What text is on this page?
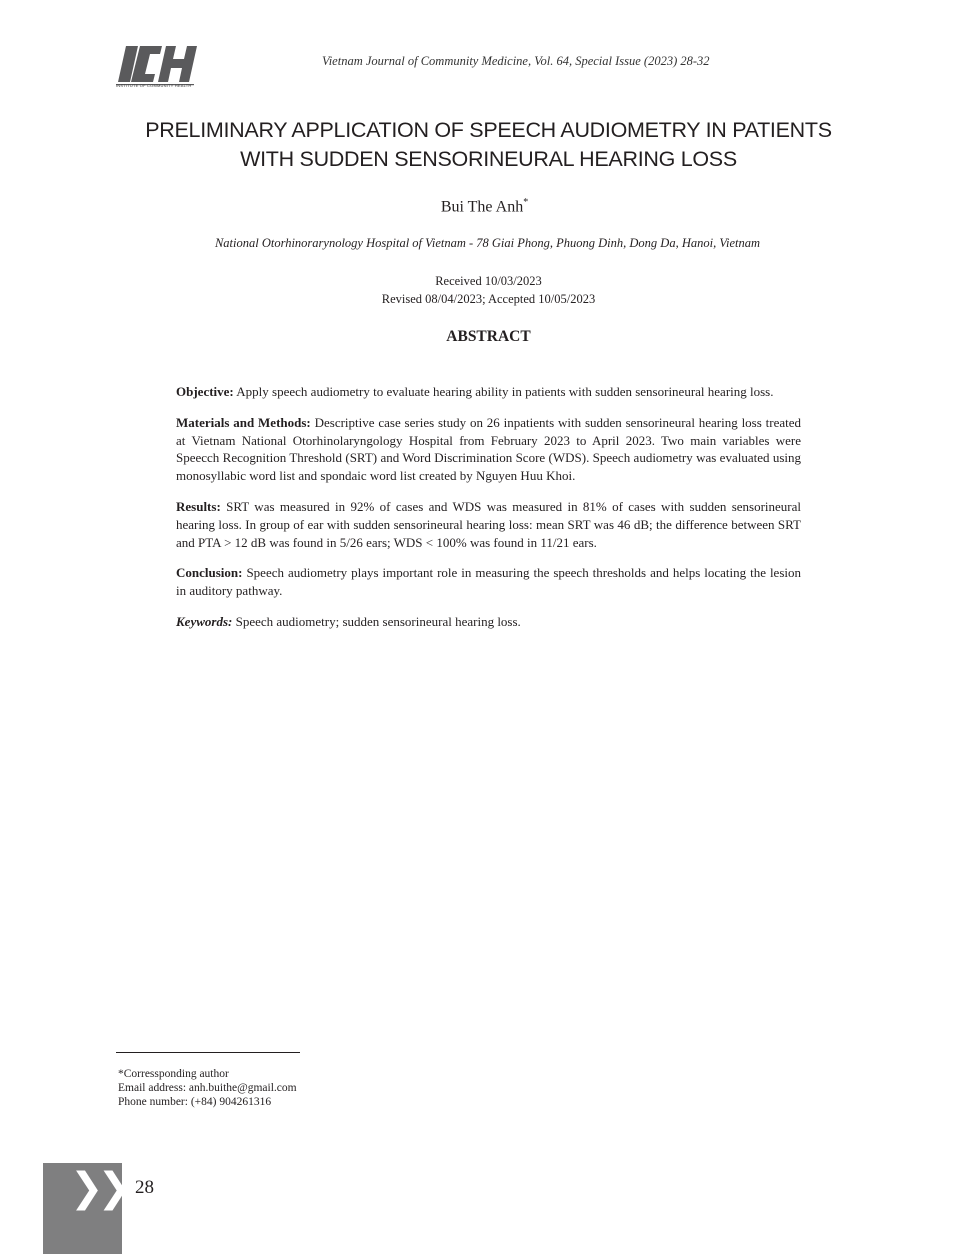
INSTITUTE OF COMMUNITY HEALTH
Vietnam Journal of Community Medicine, Vol. 64, Special Issue (2023) 28-32
PRELIMINARY APPLICATION OF SPEECH AUDIOMETRY IN PATIENTS
WITH SUDDEN SENSORINEURAL HEARING LOSS
Bui The Anh*
National Otorhinorarynology Hospital of Vietnam - 78 Giai Phong, Phuong Dinh, Dong Da, Hanoi, Vietnam
Received 10/03/2023
Revised 08/04/2023; Accepted 10/05/2023
ABSTRACT

Objective: Apply speech audiometry to evaluate hearing ability in patients with sudden sensorineural hearing loss.

Materials and Methods: Descriptive case series study on 26 inpatients with sudden sensorineural hearing loss treated at Vietnam National Otorhinolaryngology Hospital from February 2023 to April 2023. Two main variables were Speecch Recognition Threshold (SRT) and Word Discrimination Score (WDS). Speech audiometry was evaluated using monosyllabic word list and spondaic word list created by Nguyen Huu Khoi.

Results: SRT was measured in 92% of cases and WDS was measured in 81% of cases with sudden sensorineural hearing loss. In group of ear with sudden sensorineural hearing loss: mean SRT was 46 dB; the difference between SRT and PTA > 12 dB was found in 5/26 ears; WDS < 100% was found in 11/21 ears.

Conclusion: Speech audiometry plays important role in measuring the speech thresholds and helps locating the lesion in auditory pathway.

Keywords: Speech audiometry; sudden sensorineural hearing loss.

*Corressponding author
Email address: anh.buithe@gmail.com
Phone number: (+84) 904261316
❯❯ 28
